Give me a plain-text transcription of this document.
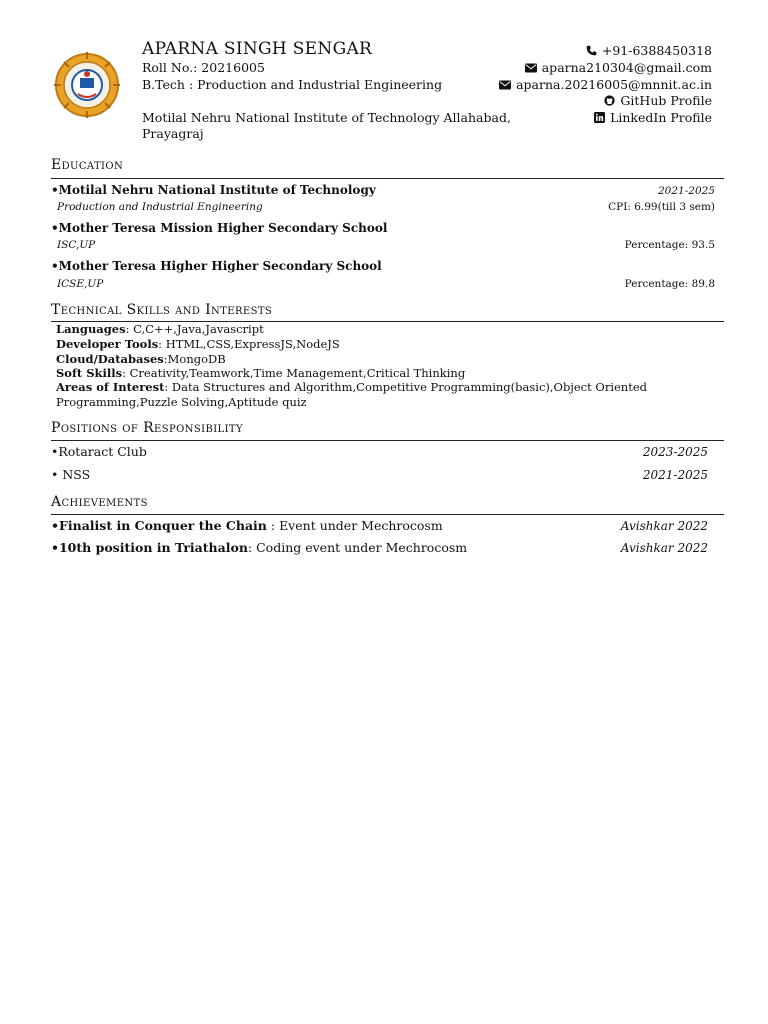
APARNA SINGH SENGAR
Roll No.: 20216005
B.Tech : Production and Industrial Engineering
Motilal Nehru National Institute of Technology Allahabad,
Prayagraj
+91-6388450318
aparna210304@gmail.com
aparna.20216005@mnnit.ac.in
GitHub Profile
LinkedIn Profile
Education
•Motilal Nehru National Institute of Technology	2021-2025
Production and Industrial Engineering	CPI: 6.99(till 3 sem)
•Mother Teresa Mission Higher Secondary School
ISC,UP	Percentage: 93.5
•Mother Teresa Higher Higher Secondary School
ICSE,UP	Percentage: 89.8
Technical Skills and Interests
Languages: C,C++,Java,Javascript
Developer Tools: HTML,CSS,ExpressJS,NodeJS
Cloud/Databases:MongoDB
Soft Skills: Creativity,Teamwork,Time Management,Critical Thinking
Areas of Interest: Data Structures and Algorithm,Competitive Programming(basic),Object Oriented
Programming,Puzzle Solving,Aptitude quiz
Positions of Responsibility
•Rotaract Club	2023-2025
• NSS	2021-2025
Achievements
•Finalist in Conquer the Chain : Event under Mechrocosm	Avishkar 2022
•10th position in Triathalon: Coding event under Mechrocosm	Avishkar 2022
